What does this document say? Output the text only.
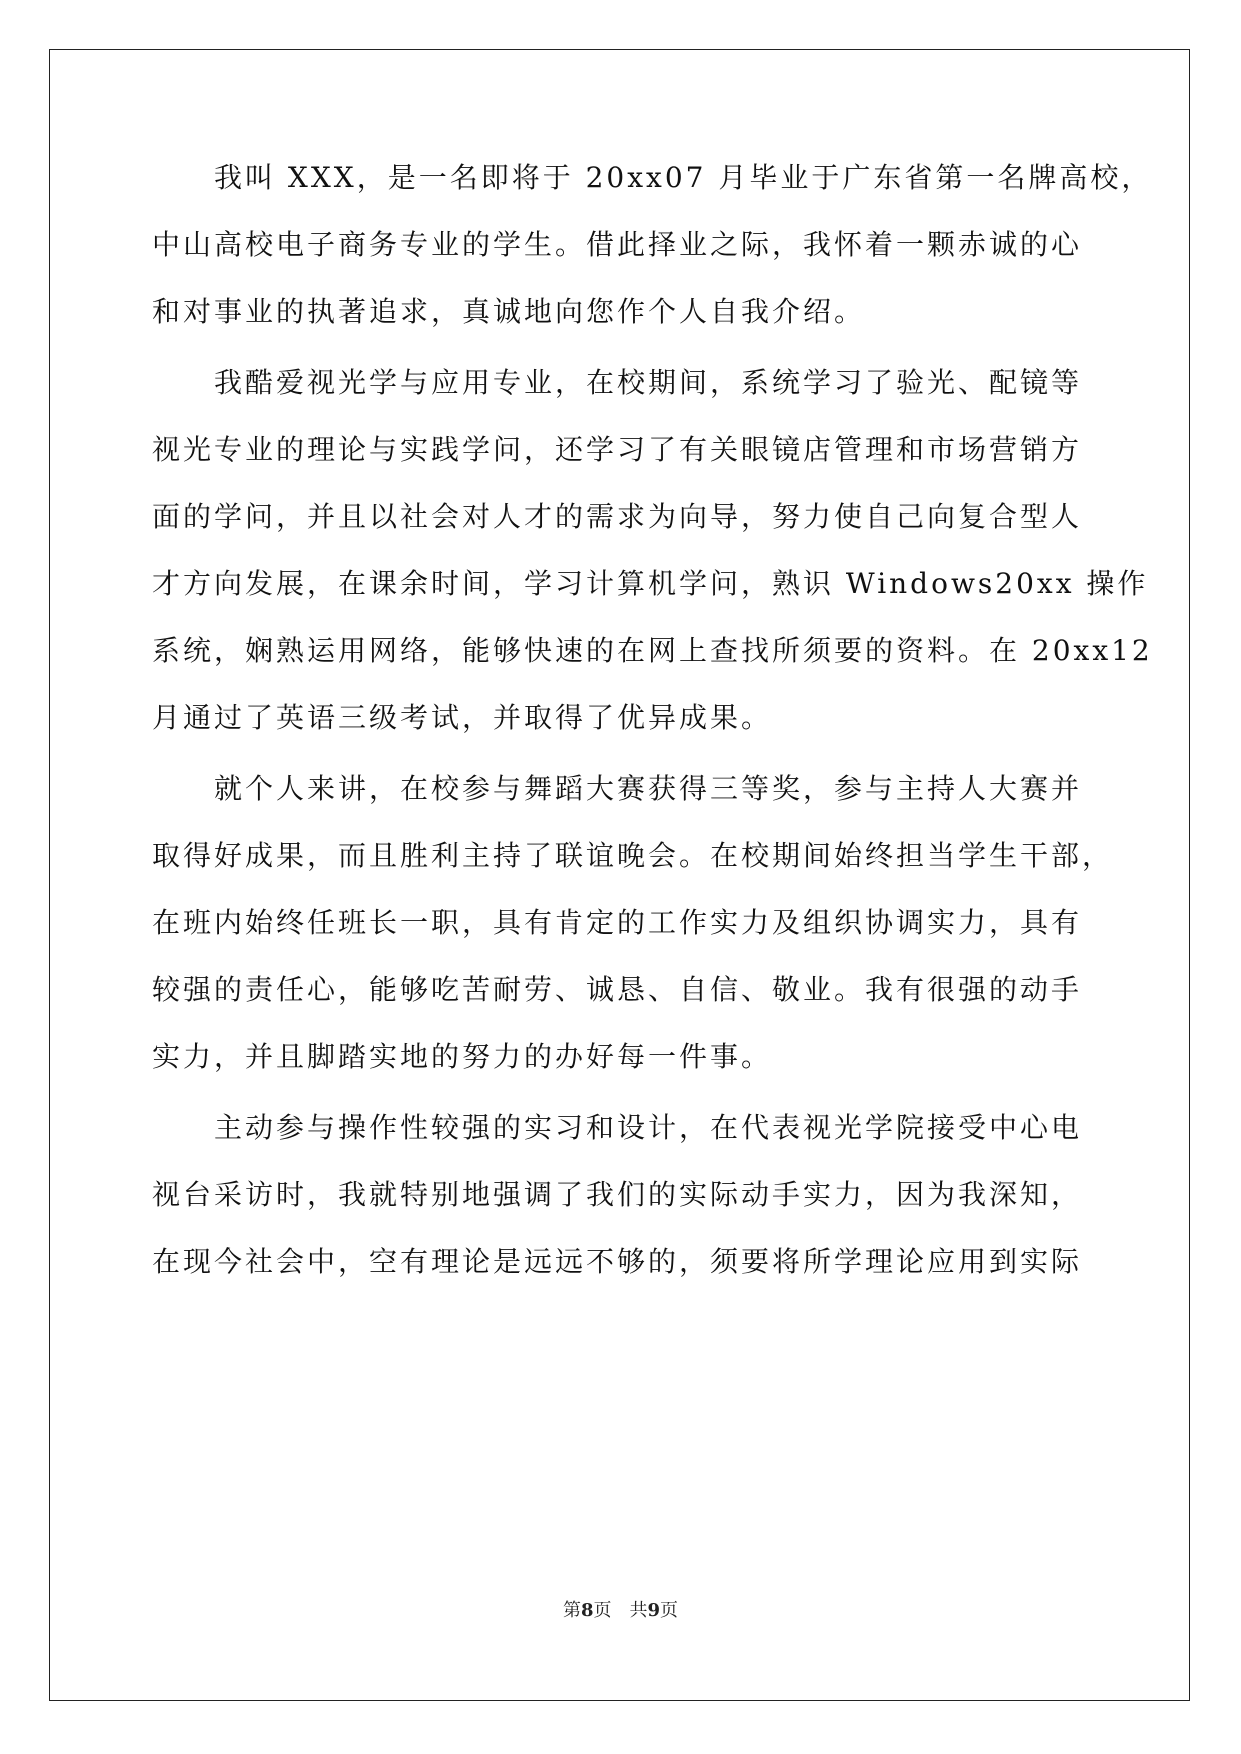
　　我叫 XXX，是一名即将于 20xx07 月毕业于广东省第一名牌高校，
中山高校电子商务专业的学生。借此择业之际，我怀着一颗赤诚的心
和对事业的执著追求，真诚地向您作个人自我介绍。
　　我酷爱视光学与应用专业，在校期间，系统学习了验光、配镜等
视光专业的理论与实践学问，还学习了有关眼镜店管理和市场营销方
面的学问，并且以社会对人才的需求为向导，努力使自己向复合型人
才方向发展，在课余时间，学习计算机学问，熟识 Windows20xx 操作
系统，娴熟运用网络，能够快速的在网上查找所须要的资料。在 20xx12
月通过了英语三级考试，并取得了优异成果。
　　就个人来讲，在校参与舞蹈大赛获得三等奖，参与主持人大赛并
取得好成果，而且胜利主持了联谊晚会。在校期间始终担当学生干部，
在班内始终任班长一职，具有肯定的工作实力及组织协调实力，具有
较强的责任心，能够吃苦耐劳、诚恳、自信、敬业。我有很强的动手
实力，并且脚踏实地的努力的办好每一件事。
　　主动参与操作性较强的实习和设计，在代表视光学院接受中心电
视台采访时，我就特别地强调了我们的实际动手实力，因为我深知，
在现今社会中，空有理论是远远不够的，须要将所学理论应用到实际
第8页 共9页
